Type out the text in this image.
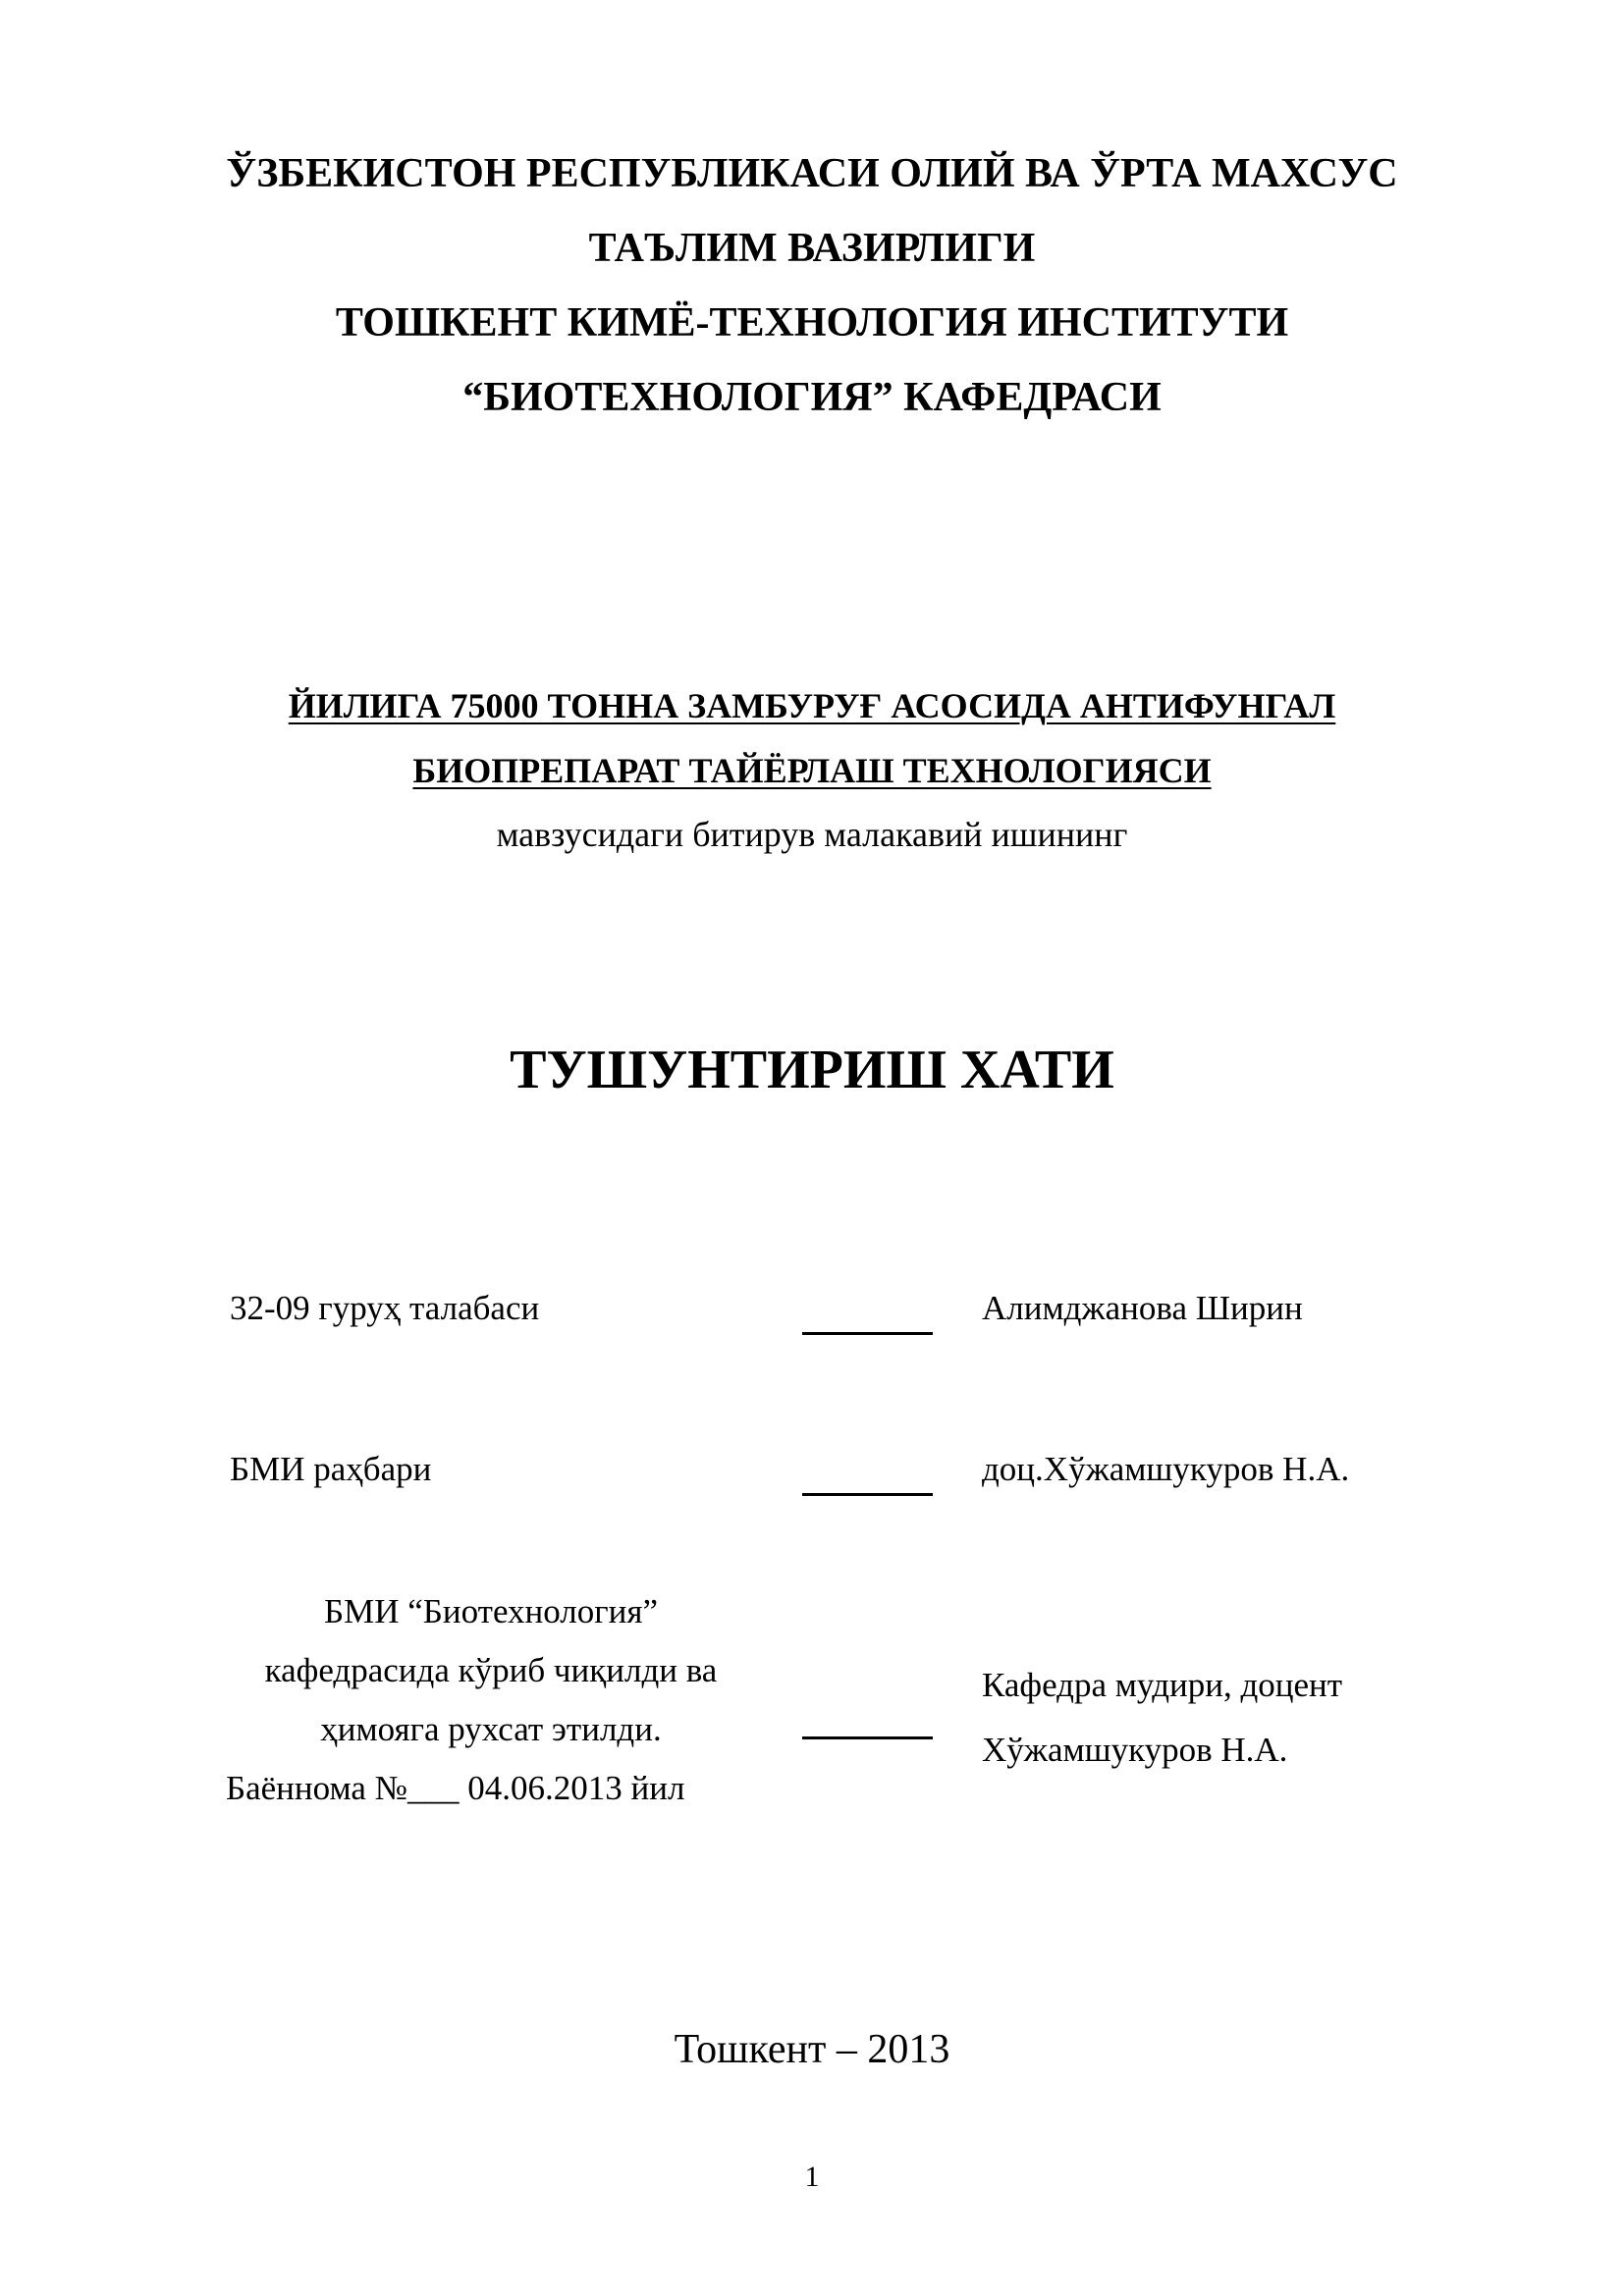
ЎЗБЕКИСТОН РЕСПУБЛИКАСИ ОЛИЙ ВА ЎРТА МАХСУС
ТАЪЛИМ ВАЗИРЛИГИ
ТОШКЕНТ КИМЁ-ТЕХНОЛОГИЯ ИНСТИТУТИ
“БИОТЕХНОЛОГИЯ” КАФЕДРАСИ
ЙИЛИГА 75000 ТОННА ЗАМБУРУҒ АСОСИДА АНТИФУНГАЛ
БИОПРЕПАРАТ ТАЙЁРЛАШ ТЕХНОЛОГИЯСИ
мавзусидаги битирув малакавий ишининг
ТУШУНТИРИШ ХАТИ
32-09 гуруҳ талабаси	Алимджанова Ширин
БМИ раҳбари	доц.Хўжамшукуров Н.А.
БМИ “Биотехнология”
кафедрасида кўриб чиқилди ва
ҳимояга рухсат этилди.
Баённома №___ 04.06.2013 йил
Кафедра мудири, доцент
Хўжамшукуров Н.А.
Тошкент – 2013
1
